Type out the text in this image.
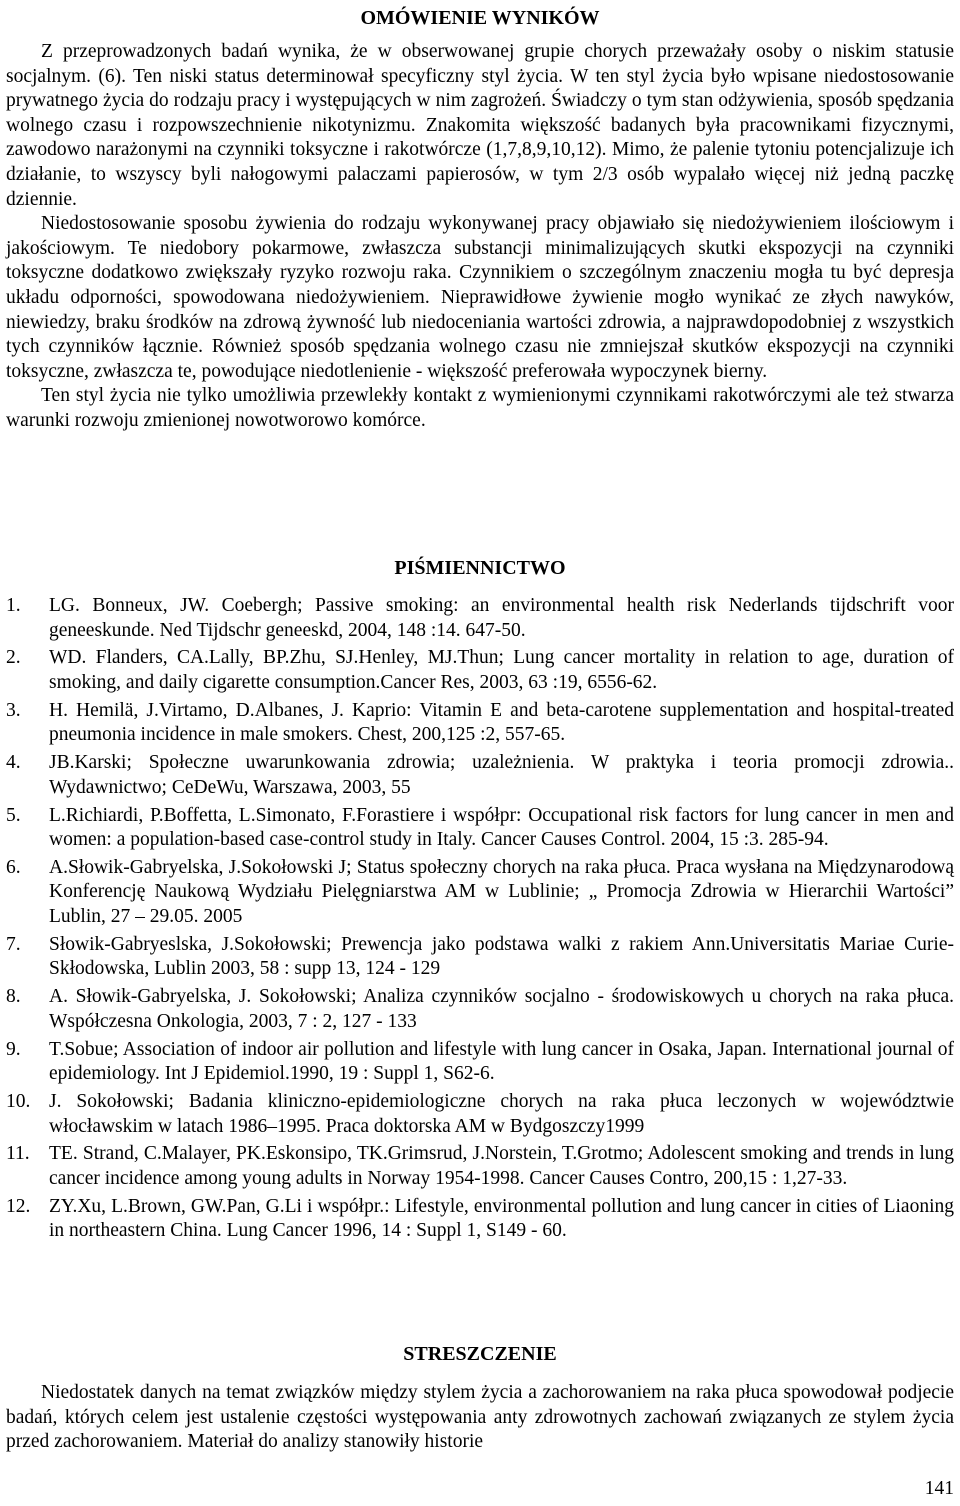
OMÓWIENIE WYNIKÓW

Z przeprowadzonych badań wynika, że w obserwowanej grupie chorych przeważały osoby o niskim statusie socjalnym. (6). Ten niski status determinował specyficzny styl życia. W ten styl życia było wpisane niedostosowanie prywatnego życia do rodzaju pracy i występujących w nim zagrożeń. Świadczy o tym stan odżywienia, sposób spędzania wolnego czasu i rozpowszechnienie nikotynizmu. Znakomita większość badanych była pracownikami fizycznymi, zawodowo narażonymi na czynniki toksyczne i rakotwórcze (1,7,8,9,10,12). Mimo, że palenie tytoniu potencjalizuje ich działanie, to wszyscy byli nałogowymi palaczami papierosów, w tym 2/3 osób wypalało więcej niż jedną paczkę dziennie.

Niedostosowanie sposobu żywienia do rodzaju wykonywanej pracy objawiało się niedożywieniem ilościowym i jakościowym. Te niedobory pokarmowe, zwłaszcza substancji minimalizujących skutki ekspozycji na czynniki toksyczne dodatkowo zwiększały ryzyko rozwoju raka. Czynnikiem o szczególnym znaczeniu mogła tu być depresja układu odporności, spowodowana niedożywieniem. Nieprawidłowe żywienie mogło wynikać ze złych nawyków, niewiedzy, braku środków na zdrową żywność lub niedoceniania wartości zdrowia, a najprawdopodobniej z wszystkich tych czynników łącznie. Również sposób spędzania wolnego czasu nie zmniejszał skutków ekspozycji na czynniki toksyczne, zwłaszcza te, powodujące niedotlenienie - większość preferowała wypoczynek bierny.

Ten styl życia nie tylko umożliwia przewlekły kontakt z wymienionymi czynnikami rakotwórczymi ale też stwarza warunki rozwoju zmienionej nowotworowo komórce.

PIŚMIENNICTWO
1.	LG. Bonneux, JW. Coebergh; Passive smoking: an environmental health risk Nederlands tijdschrift voor geneeskunde. Ned Tijdschr geneeskd, 2004, 148 :14. 647-50.
2.	WD. Flanders, CA.Lally, BP.Zhu, SJ.Henley, MJ.Thun; Lung cancer mortality in relation to age, duration of smoking, and daily cigarette consumption.Cancer Res, 2003, 63 :19, 6556-62.
3.	H. Hemilä, J.Virtamo, D.Albanes, J. Kaprio: Vitamin E and beta-carotene supplementation and hospital-treated pneumonia incidence in male smokers. Chest, 200,125 :2, 557-65.
4.	JB.Karski; Społeczne uwarunkowania zdrowia; uzależnienia. W praktyka i teoria promocji zdrowia.. Wydawnictwo; CeDeWu, Warszawa, 2003, 55
5.	L.Richiardi, P.Boffetta, L.Simonato, F.Forastiere i współpr: Occupational risk factors for lung cancer in men and women: a population-based case-control study in Italy. Cancer Causes Control. 2004, 15 :3. 285-94.
6.	A.Słowik-Gabryelska, J.Sokołowski J; Status społeczny chorych na raka płuca. Praca wysłana na Międzynarodową Konferencję Naukową Wydziału Pielęgniarstwa AM w Lublinie; „ Promocja Zdrowia w Hierarchii Wartości” Lublin, 27 – 29.05. 2005
7.	Słowik-Gabryeslska, J.Sokołowski; Prewencja jako podstawa walki z rakiem Ann.Universitatis Mariae Curie-Skłodowska, Lublin 2003, 58 : supp 13, 124 - 129
8.	A. Słowik-Gabryelska, J. Sokołowski; Analiza czynników socjalno - środowiskowych u chorych na raka płuca. Współczesna Onkologia, 2003, 7 : 2, 127 - 133
9.	T.Sobue; Association of indoor air pollution and lifestyle with lung cancer in Osaka, Japan. International journal of epidemiology. Int J Epidemiol.1990, 19 : Suppl 1, S62-6.
10. J. Sokołowski; Badania kliniczno-epidemiologiczne chorych na raka płuca leczonych w województwie włocławskim w latach 1986–1995. Praca doktorska AM w Bydgoszczy1999
11. TE. Strand, C.Malayer, PK.Eskonsipo, TK.Grimsrud, J.Norstein, T.Grotmo; Adolescent smoking and trends in lung cancer incidence among young adults in Norway 1954-1998. Cancer Causes Contro, 200,15 : 1,27-33.
12. ZY.Xu, L.Brown, GW.Pan, G.Li i współpr.: Lifestyle, environmental pollution and lung cancer in cities of Liaoning in northeastern China. Lung Cancer 1996, 14 : Suppl 1, S149 - 60.
STRESZCZENIE

Niedostatek danych na temat związków między stylem życia a zachorowaniem na raka płuca spowodował podjecie badań, których celem jest ustalenie częstości występowania anty zdrowotnych zachowań związanych ze stylem życia przed zachorowaniem. Materiał do analizy stanowiły historie

141
